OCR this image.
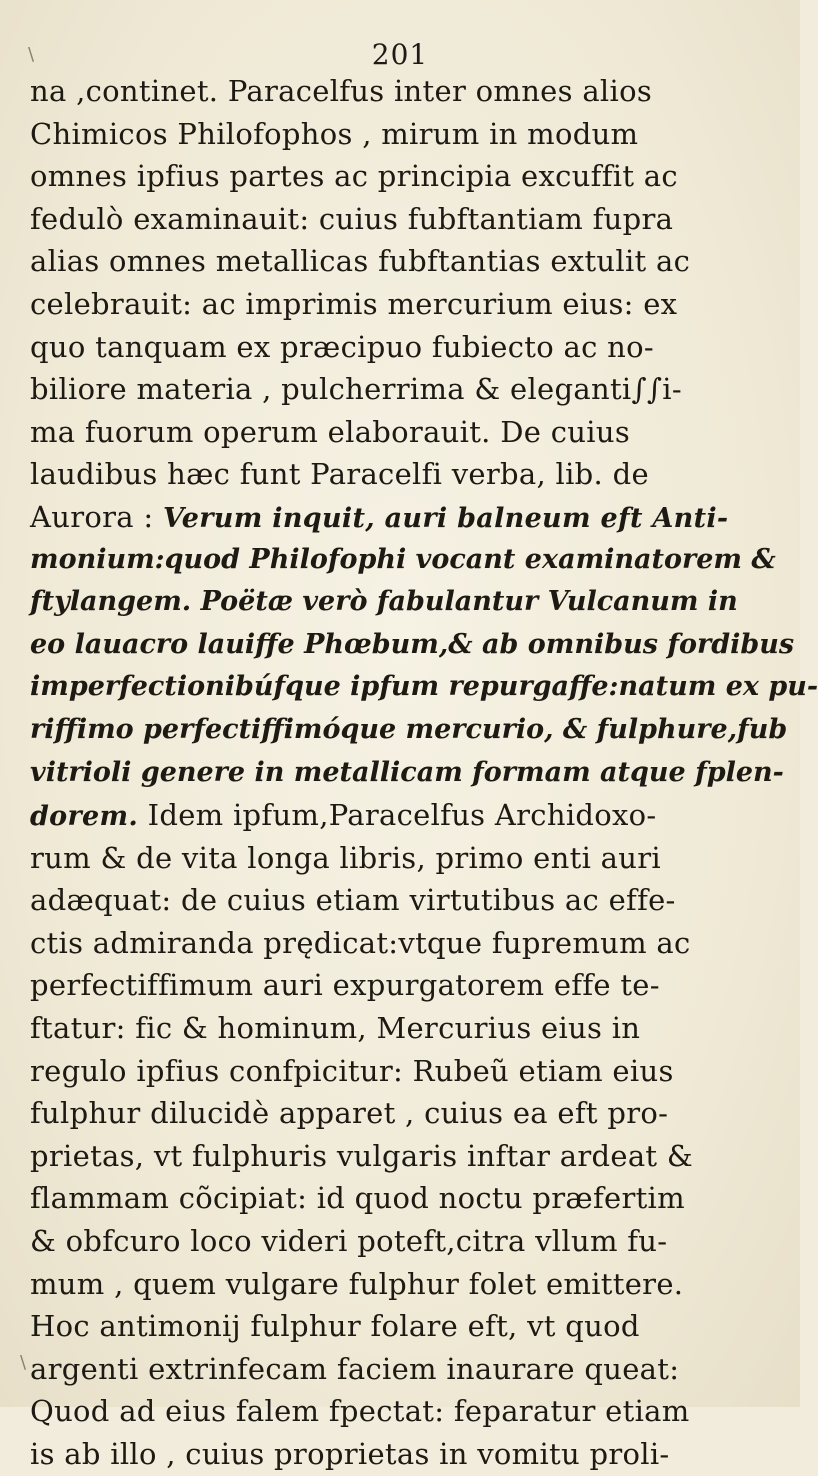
201
na ,continet. Paracelfus inter omnes alios
Chimicos Philofophos , mirum in modum
omnes ipfius partes ac principia excuffit ac
fedulò examinauit: cuius fubftantiam fupra
alias omnes metallicas fubftantias extulit ac
celebrauit: ac imprimis mercurium eius: ex
quo tanquam ex præcipuo fubiecto ac no-
biliore materia , pulcherrima & eleganti∫∫i-
ma fuorum operum elaborauit. De cuius
laudibus hæc funt Paracelfi verba, lib. de
Aurora : Verum inquit, auri balneum eft Anti-
monium:quod Philofophi vocant examinatorem &
ftylangem. Poëtæ verò fabulantur Vulcanum in
eo lauacro lauiffe Phœbum,& ab omnibus fordibus
imperfectionibúfque ipfum repurgaffe:natum ex pu-
riffimo perfectiffimóque mercurio, & fulphure,fub
vitrioli genere in metallicam formam atque fplen-
dorem. Idem ipfum,Paracelfus Archidoxo-
rum & de vita longa libris, primo enti auri
adæquat: de cuius etiam virtutibus ac effe-
ctis admiranda prędicat:vtque fupremum ac
perfectiffimum auri expurgatorem effe te-
ftatur: fic & hominum, Mercurius eius in
regulo ipfius confpicitur: Rubeũ etiam eius
fulphur dilucidè apparet , cuius ea eft pro-
prietas, vt fulphuris vulgaris inftar ardeat &
flammam cõcipiat: id quod noctu præfertim
& obfcuro loco videri poteft,citra vllum fu-
mum , quem vulgare fulphur folet emittere.
Hoc antimonij fulphur folare eft, vt quod
argenti extrinfecam faciem inaurare queat:
Quod ad eius falem fpectat: feparatur etiam
is ab illo , cuius proprietas in vomitu proli-
\
\
